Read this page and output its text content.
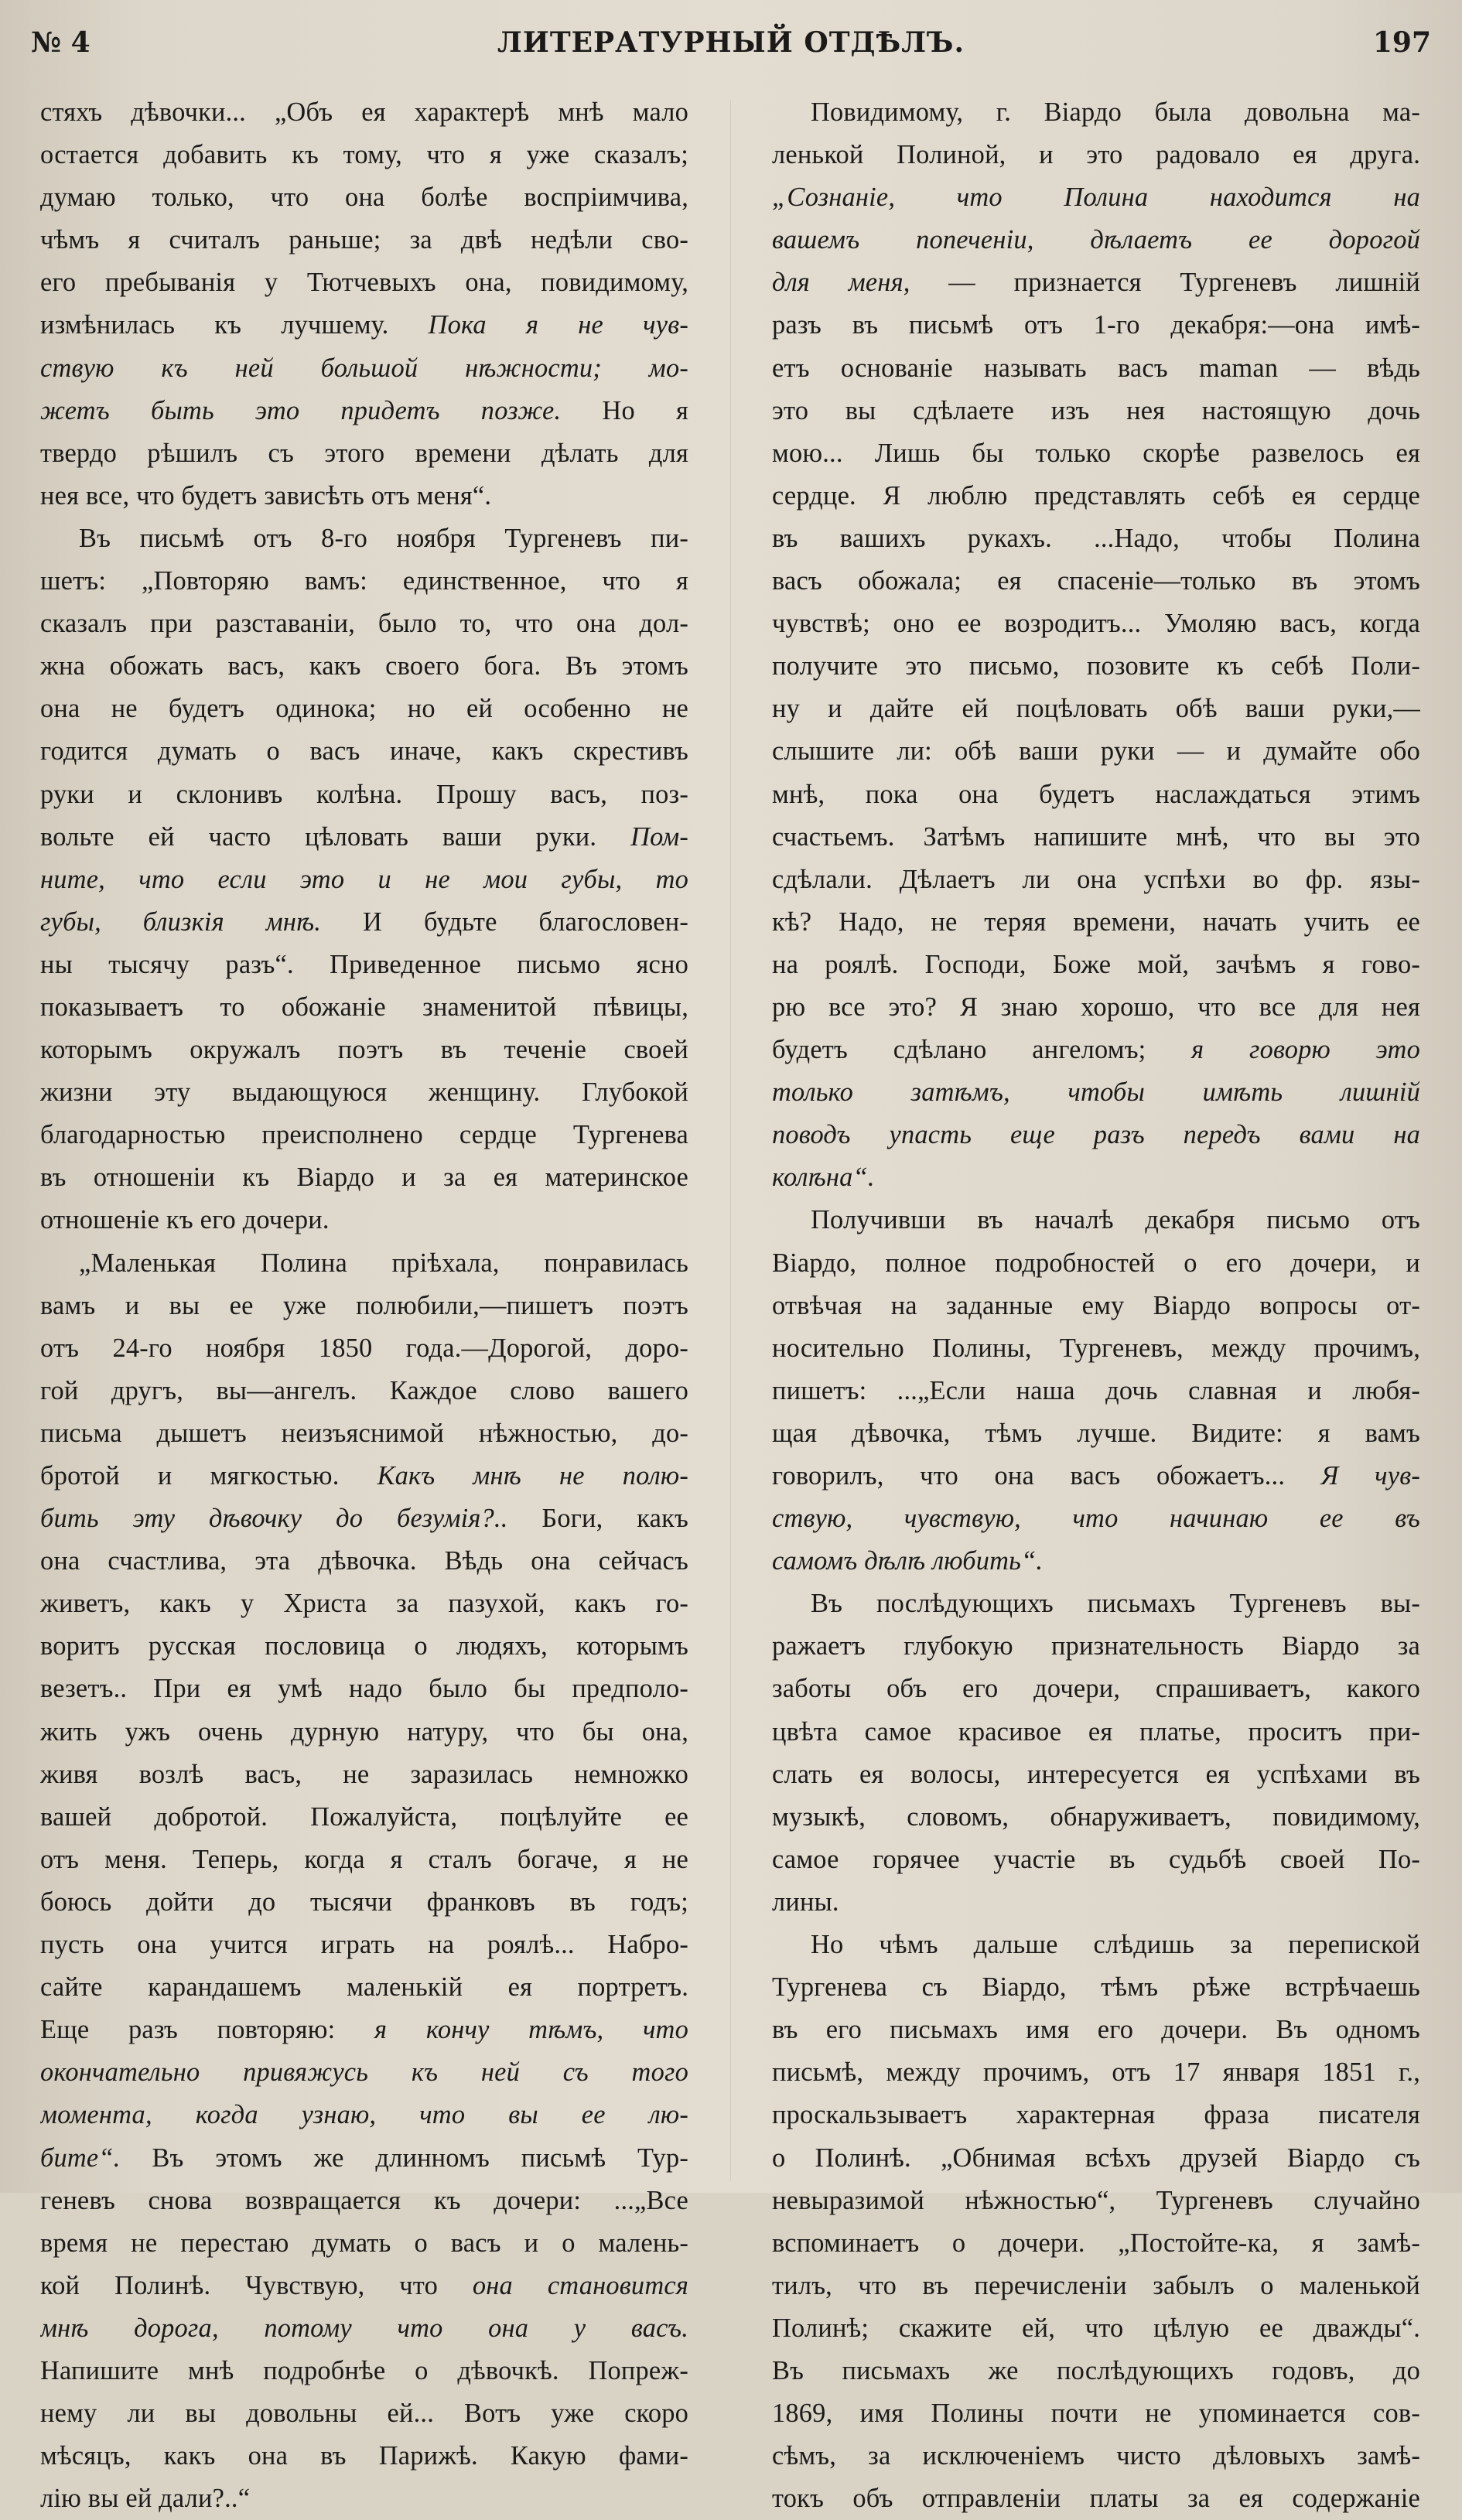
№ 4	ЛИТЕРАТУРНЫЙ ОТДѢЛЪ.	197
стяхъ дѣвочки... „Объ ея характерѣ мнѣ мало
остается добавить къ тому, что я уже сказалъ;
думаю только, что она болѣе воспріимчива,
чѣмъ я считалъ раньше; за двѣ недѣли сво-
его пребыванія у Тютчевыхъ она, повидимому,
измѣнилась къ лучшему. Пока я не чув-
ствую къ ней большой нѣжности; мо-
жетъ быть это придетъ позже. Но я
твердо рѣшилъ съ этого времени дѣлать для
нея все, что будетъ зависѣть отъ меня“.
Въ письмѣ отъ 8-го ноября Тургеневъ пи-
шетъ: „Повторяю вамъ: единственное, что я
сказалъ при разставаніи, было то, что она дол-
жна обожать васъ, какъ своего бога. Въ этомъ
она не будетъ одинока; но ей особенно не
годится думать о васъ иначе, какъ скрестивъ
руки и склонивъ колѣна. Прошу васъ, поз-
вольте ей часто цѣловать ваши руки. Пом-
ните, что если это и не мои губы, то
губы, близкія мнѣ. И будьте благословен-
ны тысячу разъ“. Приведенное письмо ясно
показываетъ то обожаніе знаменитой пѣвицы,
которымъ окружалъ поэтъ въ теченіе своей
жизни эту выдающуюся женщину. Глубокой
благодарностью преисполнено сердце Тургенева
въ отношеніи къ Віардо и за ея материнское
отношеніе къ его дочери.
„Маленькая Полина пріѣхала, понравилась
вамъ и вы ее уже полюбили,—пишетъ поэтъ
отъ 24-го ноября 1850 года.—Дорогой, доро-
гой другъ, вы—ангелъ. Каждое слово вашего
письма дышетъ неизъяснимой нѣжностью, до-
бротой и мягкостью. Какъ мнѣ не полю-
бить эту дѣвочку до безумія?.. Боги, какъ
она счастлива, эта дѣвочка. Вѣдь она сейчасъ
живетъ, какъ у Христа за пазухой, какъ го-
воритъ русская пословица о людяхъ, которымъ
везетъ.. При ея умѣ надо было бы предполо-
жить ужъ очень дурную натуру, что бы она,
живя возлѣ васъ, не заразилась немножко
вашей добротой. Пожалуйста, поцѣлуйте ее
отъ меня. Теперь, когда я сталъ богаче, я не
боюсь дойти до тысячи франковъ въ годъ;
пусть она учится играть на роялѣ... Набро-
сайте карандашемъ маленькій ея портретъ.
Еще разъ повторяю: я кончу тѣмъ, что
окончательно привяжусь къ ней съ того
момента, когда узнаю, что вы ее лю-
бите“. Въ этомъ же длинномъ письмѣ Тур-
геневъ снова возвращается къ дочери: ...„Все
время не перестаю думать о васъ и о малень-
кой Полинѣ. Чувствую, что она становится
мнѣ дорога, потому что она у васъ.
Напишите мнѣ подробнѣе о дѣвочкѣ. Попреж-
нему ли вы довольны ей... Вотъ уже скоро
мѣсяцъ, какъ она въ Парижѣ. Какую фами-
лію вы ей дали?..“
Повидимому, г. Віардо была довольна ма-
ленькой Полиной, и это радовало ея друга.
„Сознаніе, что Полина находится на
вашемъ попеченіи, дѣлаетъ ее дорогой
для меня, — признается Тургеневъ лишній
разъ въ письмѣ отъ 1-го декабря:—она имѣ-
етъ основаніе называть васъ mаman — вѣдь
это вы сдѣлаете изъ нея настоящую дочь
мою... Лишь бы только скорѣе развелось ея
сердце. Я люблю представлять себѣ ея сердце
въ вашихъ рукахъ. ...Надо, чтобы Полина
васъ обожала; ея спасеніе—только въ этомъ
чувствѣ; оно ее возродитъ... Умоляю васъ, когда
получите это письмо, позовите къ себѣ Поли-
ну и дайте ей поцѣловать обѣ ваши руки,—
слышите ли: обѣ ваши руки — и думайте обо
мнѣ, пока она будетъ наслаждаться этимъ
счастьемъ. Затѣмъ напишите мнѣ, что вы это
сдѣлали. Дѣлаетъ ли она успѣхи во фр. язы-
кѣ? Надо, не теряя времени, начать учить ее
на роялѣ. Господи, Боже мой, зачѣмъ я гово-
рю все это? Я знаю хорошо, что все для нея
будетъ сдѣлано ангеломъ; я говорю это
только затѣмъ, чтобы имѣть лишній
поводъ упасть еще разъ передъ вами на
колѣна“.
Получивши въ началѣ декабря письмо отъ
Віардо, полное подробностей о его дочери, и
отвѣчая на заданные ему Віардо вопросы от-
носительно Полины, Тургеневъ, между прочимъ,
пишетъ: ...„Если наша дочь славная и любя-
щая дѣвочка, тѣмъ лучше. Видите: я вамъ
говорилъ, что она васъ обожаетъ... Я чув-
ствую, чувствую, что начинаю ее въ
самомъ дѣлѣ любить“.
Въ послѣдующихъ письмахъ Тургеневъ вы-
ражаетъ глубокую признательность Віардо за
заботы объ его дочери, спрашиваетъ, какого
цвѣта самое красивое ея платье, проситъ при-
слать ея волосы, интересуется ея успѣхами въ
музыкѣ, словомъ, обнаруживаетъ, повидимому,
самое горячее участіе въ судьбѣ своей По-
лины.
Но чѣмъ дальше слѣдишь за перепиской
Тургенева съ Віардо, тѣмъ рѣже встрѣчаешь
въ его письмахъ имя его дочери. Въ одномъ
письмѣ, между прочимъ, отъ 17 января 1851 г.,
проскальзываетъ характерная фраза писателя
о Полинѣ. „Обнимая всѣхъ друзей Віардо съ
невыразимой нѣжностью“, Тургеневъ случайно
вспоминаетъ о дочери. „Постойте-ка, я замѣ-
тилъ, что въ перечисленіи забылъ о маленькой
Полинѣ; скажите ей, что цѣлую ее дважды“.
Въ письмахъ же послѣдующихъ годовъ, до
1869, имя Полины почти не упоминается сов-
сѣмъ, за исключеніемъ чисто дѣловыхъ замѣ-
токъ объ отправленіи платы за ея содержаніе
